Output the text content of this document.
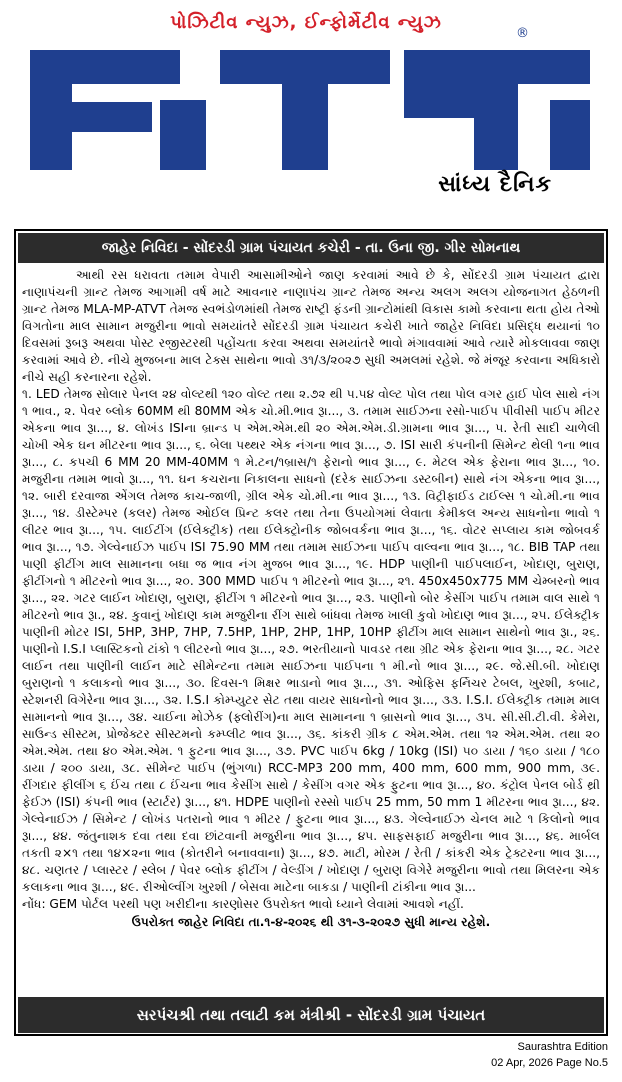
પોઝિટીવ ન્યુઝ, ઈન્ફોર્મેટીવ ન્યુઝ
®
સાંધ્ય દૈનિક
જાહેર નિવિદા - સોંદરડી ગ્રામ પંચાયત કચેરી - તા. ઉના જી. ગીર સોમનાથ

આથી રસ ધરાવતા તમામ વેપારી આસામીઓને જાણ કરવામાં આવે છે કે, સોંદરડી ગ્રામ પંચાયત દ્વારા નાણાપંચની ગ્રાન્ટ તેમજ આગામી વર્ષ માટે આવનાર નાણાપંચ ગ્રાન્ટ તેમજ અન્ય અલગ અલગ યોજનાગત હેઠળની ગ્રાન્ટ તેમજ MLA-MP-ATVT તેમજ સ્વભંડોળમાંથી તેમજ રાષ્ટ્રી ફંડની ગ્રાન્ટોમાંથી વિકાસ કામો કરવાના થતા હોય તેઓ વિગતોના માલ સામાન મજુરીના ભાવો સમયાંતરે સોંદરડી ગ્રામ પંચાયત કચેરી ખાતે જાહેર નિવિદા પ્રસિદ્ધ થયાનાં ૧૦ દિવસમાં રૂબરૂ અથવા પોસ્ટ રજીસ્ટરથી પહોંચતા કરવા અથવા સમયાંતરે ભાવો મંગાવવામાં આવે ત્યારે મોકલાવવા જાણ કરવામાં આવે છે. નીચે મુજબના માલ ટેક્સ સાથેના ભાવો ૩૧/૩/૨૦૨૭ સુધી અમલમાં રહેશે. જે મંજૂર કરવાના અધિકારો નીચે સહી કરનારના રહેશે.

૧. LED તેમજ સોલાર પેનલ ૨૪ વોલ્ટથી ૧૨૦ વોલ્ટ તથા ૨.૭૨ થી ૫.૫૪ વોલ્ટ પોલ તથા પોલ વગર હાઈ પોલ સાથે નંગ ૧ ભાવ., ૨. પેવર બ્લોક 60MM થી 80MM એક ચો.મી.ભાવ રૂા..., ૩. તમામ સાઈઝના રસો-પાઈપ પીવીસી પાઈપ મીટર એકના ભાવ રૂા..., ૪. લોખંડ ISIના બ્રાન્ડ ૫ એમ.એમ.થી ૨૦ એમ.એમ.ડી.ગ્રામના ભાવ રૂા..., ૫. રેતી સાદી ચાળેલી ચોખી એક ઘન મીટરના ભાવ રૂા..., ૬. બેલા પથ્થર એક નંગના ભાવ રૂા..., ૭. ISI સારી કંપનીની સિમેન્ટ થેલી ૧ના ભાવ રૂા..., ૮. કપચી 6 MM 20 MM-40MM ૧ મે.ટન/૧બ્રાસ/૧ ફેરાનો ભાવ રૂા..., ૯. મેટલ એક ફેરાના ભાવ રૂા..., ૧૦. મજુરીના તમામ ભાવો રૂા..., ૧૧. ઘન કચરાના નિકાલના સાધનો (દરેક સાઈઝના ડસ્ટબીન) સાથે નંગ એકના ભાવ રૂા..., ૧૨. બારી દરવાજા એંગલ તેમજ કાચ-જાળી, ગ્રીલ એક ચો.મી.ના ભાવ રૂા..., ૧૩. વિટ્રીફાઈડ ટાઈલ્સ ૧ ચો.મી.ના ભાવ રૂા..., ૧૪. ડીસ્ટેમ્પર (કલર) તેમજ ઓઈલ પ્રિન્ટ કલર તથા તેના ઉપયોગમાં લેવાતા કેમીકલ અન્ય સાધનોના ભાવો ૧ લીટર ભાવ રૂા..., ૧૫. લાઈટીંગ (ઈલેક્ટ્રીક) તથા ઈલેક્ટ્રોનીક જોબવર્કના ભાવ રૂા..., ૧૬. વોટર સપ્લાય કામ જોબવર્ક ભાવ રૂા..., ૧૭. ગેલ્વેનાઈઝ પાઈપ ISI 75.90 MM તથા તમામ સાઈઝના પાઈપ વાલ્વના ભાવ રૂા..., ૧૮. BIB TAP તથા પાણી ફીટીંગ માલ સામાનના બધા જ ભાવ નંગ મુજબ ભાવ રૂા..., ૧૯. HDP પાણીની પાઈપલાઈન, ખોદાણ, બુરાણ, ફીટીંગનો ૧ મીટરનો ભાવ રૂા..., ૨૦. 300 MMD પાઈપ ૧ મીટરનો ભાવ રૂા..., ૨૧. 450x450x775 MM ચેમ્બરનો ભાવ રૂા..., ૨૨. ગટર લાઈન ખોદાણ, બુરાણ, ફીટીંગ ૧ મીટરનો ભાવ રૂા..., ૨૩. પાણીનો બોર કેસીંગ પાઈપ તમામ વાલ સાથે ૧ મીટરનો ભાવ રૂા., ૨૪. કુવાનું ખોદાણ કામ મજુરીના રીંગ સાથે બાંધવા તેમજ ખાલી કુવો ખોદાણ ભાવ રૂા..., ૨૫. ઈલેક્ટ્રીક પાણીની મોટર ISI, 5HP, 3HP, 7HP, 7.5HP, 1HP, 2HP, 1HP, 10HP ફીટીંગ માલ સામાન સાથેનો ભાવ રૂા., ૨૬. પાણીનો I.S.I પ્લાસ્ટિકનો ટાંકો ૧ લીટરનો ભાવ રૂા..., ૨૭. ભરતીયાનો પાવડર તથા ગ્રીટ એક ફેરાના ભાવ રૂા..., ૨૮. ગટર લાઈન તથા પાણીની લાઈન માટે સીમેન્ટના તમામ સાઈઝના પાઈપના ૧ મી.નો ભાવ રૂા..., ૨૯. જે.સી.બી. ખોદાણ બુરાણનો ૧ કલાકનો ભાવ રૂા..., ૩૦. દિવસ-૧ મિક્ષર ભાડાનો ભાવ રૂા..., ૩૧. ઓફિસ ફર્નિચર ટેબલ, ખુરશી, કબાટ, સ્ટેશનરી વિગેરેના ભાવ રૂા..., ૩૨. I.S.I કોમ્પ્યુટર સેટ તથા વાયર સાધનોનો ભાવ રૂા..., ૩૩. I.S.I. ઈલેક્ટ્રીક તમામ માલ સામાનનો ભાવ રૂા..., ૩૪. ચાઈના મોઝેક (ફ્લોરીંગ)ના માલ સામાનના ૧ બ્રાસનો ભાવ રૂા..., ૩૫. સી.સી.ટી.વી. કેમેરા, સાઉન્ડ સીસ્ટમ, પ્રોજેક્ટર સીસ્ટમનો કમ્પ્લીટ ભાવ રૂા..., ૩૬. કાંકરી ગ્રીક ૮ એમ.એમ. તથા ૧૨ એમ.એમ. તથા ૨૦ એમ.એમ. તથા ૪૦ એમ.એમ. ૧ ફુટના ભાવ રૂા..., ૩૭. PVC પાઈપ 6kg / 10kg (ISI) ૫૦ ડાયા / ૧૬૦ ડાયા / ૧૮૦ ડાયા / ૨૦૦ ડાયા, ૩૮. સીમેન્ટ પાઈપ (ભુંગળા) RCC-MP3 200 mm, 400 mm, 600 mm, 900 mm, ૩૯. રીંગદાર ફીલીંગ ૬ ઈંચ તથા ૮ ઈંચના ભાવ કેસીંગ સાથે / કેસીંગ વગર એક ફુટના ભાવ રૂા..., ૪૦. કંટ્રોલ પેનલ બોર્ડ થ્રી ફેઈઝ (ISI) કંપની ભાવ (સ્ટાર્ટર) રૂા..., ૪૧. HDPE પાણીનો રસ્સો પાઈપ 25 mm, 50 mm 1 મીટરના ભાવ રૂા..., ૪૨. ગેલ્વેનાઈઝ / સિમેન્ટ / લોખંડ પતરાનો ભાવ ૧ મીટર / ફુટના ભાવ રૂા..., ૪૩. ગેલ્વેનાઈઝ ચેનલ માટે ૧ કિલોનો ભાવ રૂા..., ૪૪. જંતુનાશક દવા તથા દવા છાંટવાની મજુરીના ભાવ રૂા..., ૪૫. સાફસફાઈ મજુરીના ભાવ રૂા..., ૪૬. માર્બલ તકતી ૨×૧ તથા ૧૪×૨ના ભાવ (કોતરીને બનાવવાના) રૂા..., ૪૭. માટી, મોરમ / રેતી / કાંકરી એક ટ્રેક્ટરના ભાવ રૂા..., ૪૮. ચણતર / પ્લાસ્ટર / સ્લેબ / પેવર બ્લોક ફીટીંગ / વેલ્ડીંગ / ખોદાણ / બુરાણ વિગેરે મજુરીના ભાવો તથા મિલરના એક કલાકના ભાવ રૂા..., ૪૯. રીઓલ્વીંગ ખુરશી / બેસવા માટેના બાકડા / પાણીની ટાંકીના ભાવ રૂા...

નોંધ: GEM પોર્ટલ પરથી પણ ખરીદીના કારણોસર ઉપરોક્ત ભાવો ધ્યાને લેવામાં આવશે નહીં.

ઉપરોક્ત જાહેર નિવિદા તા.૧-૪-૨૦૨૬ થી ૩૧-૩-૨૦૨૭ સુધી માન્ય રહેશે.

સરપંચશ્રી તથા તલાટી કમ મંત્રીશ્રી - સોંદરડી ગ્રામ પંચાયત
Saurashtra Edition
02 Apr, 2026 Page No.5
